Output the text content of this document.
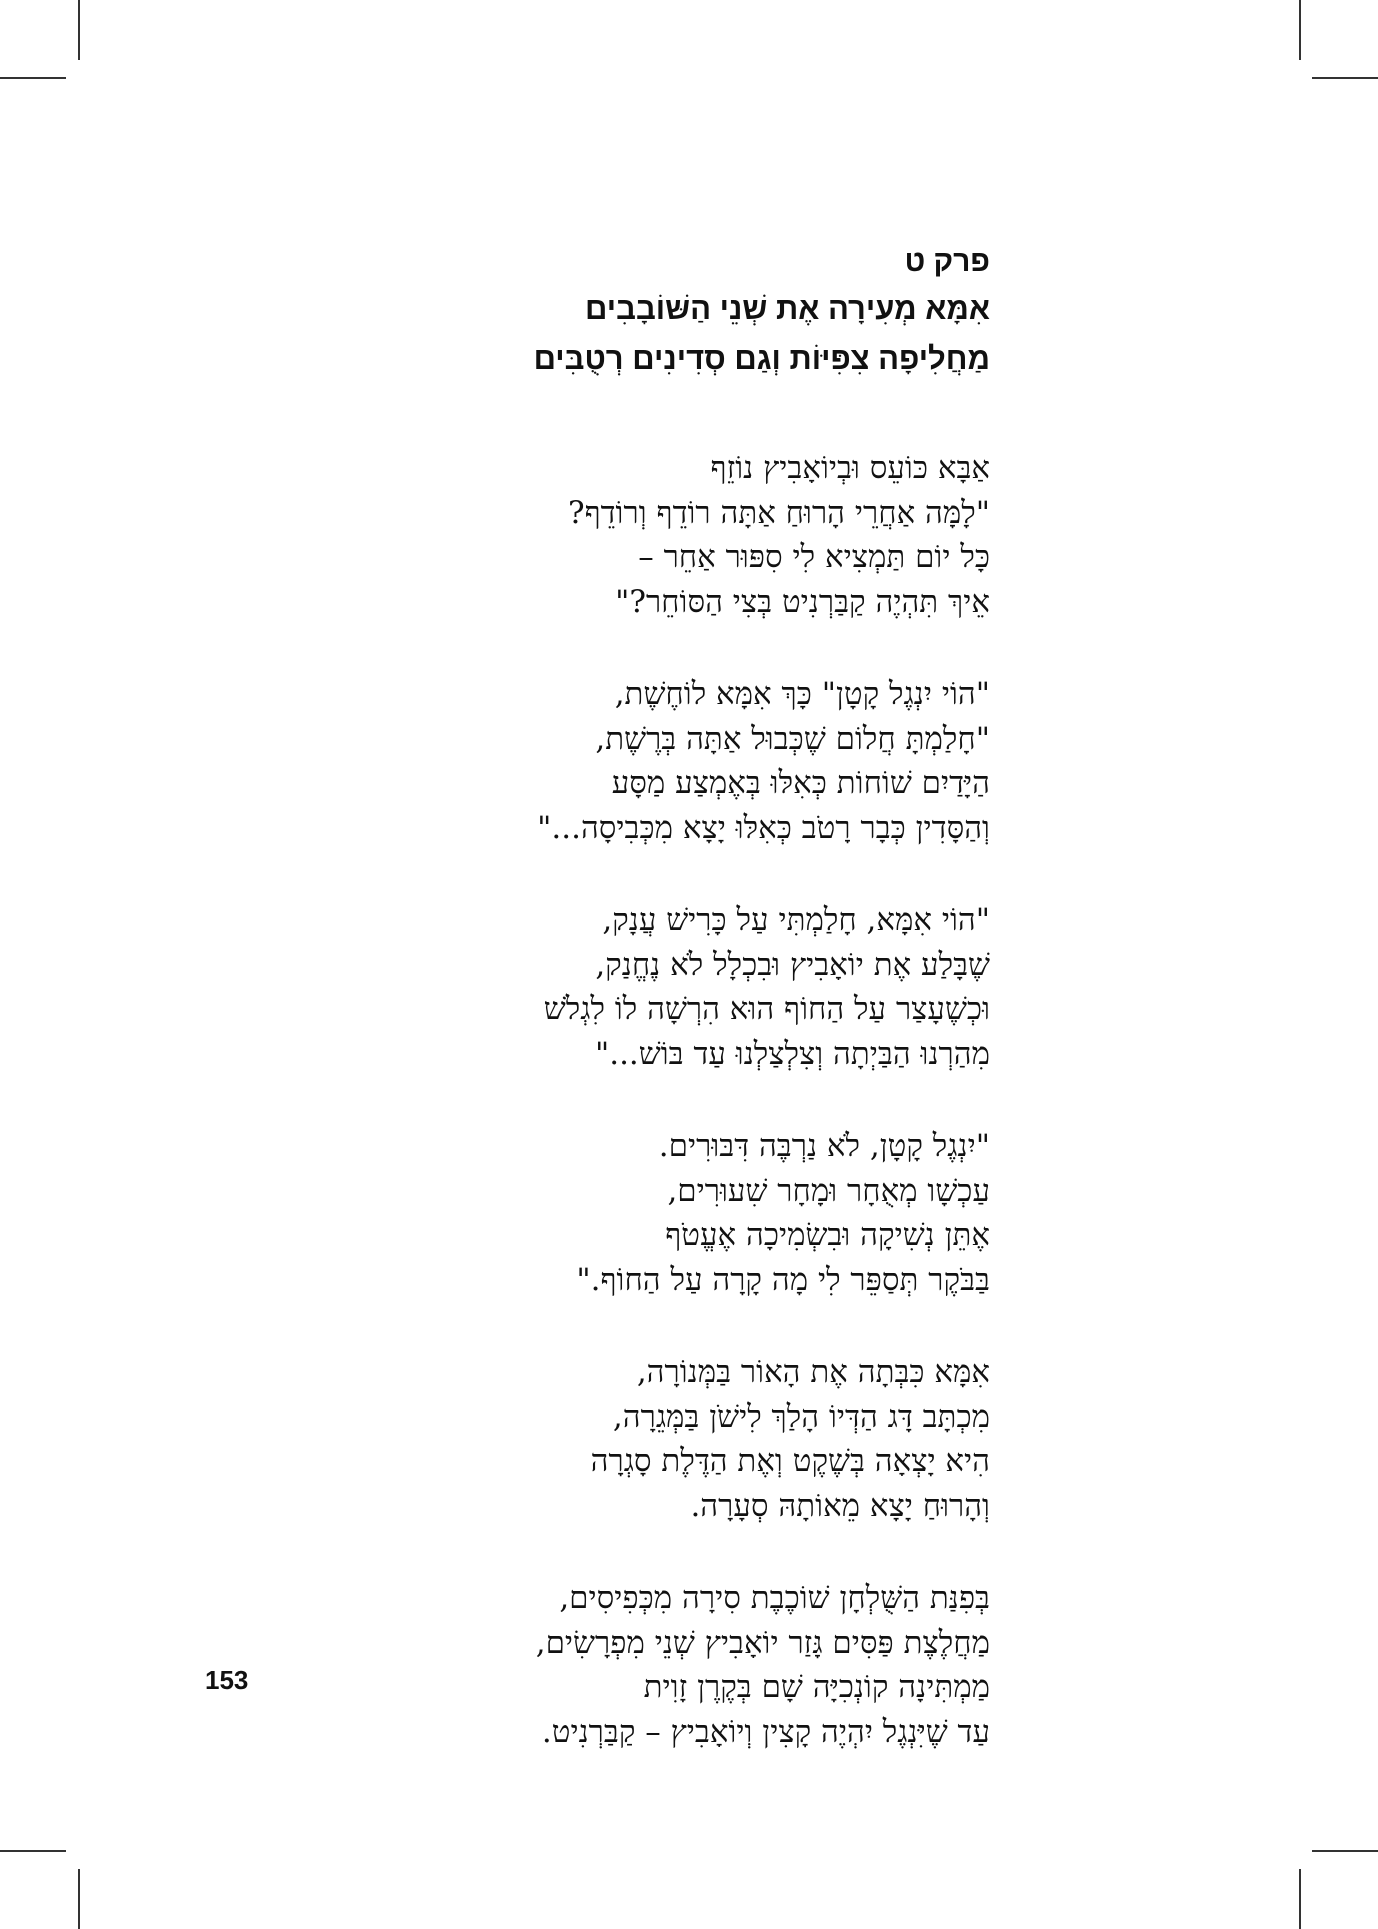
פרק ט
אִמָּא מְעִירָה אֶת שְׁנֵי הַשּׁוֹבָבִים
מַחֲלִיפָה צִפִּיּוֹת וְגַם סְדִינִים רְטֻבִּים
אַבָּא כּוֹעֵס וּבְיוֹאָבִיץ נוֹזֵף
"לָמָּה אַחֲרֵי הָרוּחַ אַתָּה רוֹדֵף וְרוֹדֵף?
כָּל יוֹם תַּמְצִיא לִי סִפּוּר אַחֵר –
אֵיךְ תִּהְיֶה קַבַּרְנִיט בְּצִי הַסּוֹחֵר?"
"הוֹי יִנְגֶל קָטָן" כָּךְ אִמָּא לוֹחֶשֶׁת,
"חָלַמְתָּ חֲלוֹם שֶׁכְּבוּל אַתָּה בְּרֶשֶׁת,
הַיָּדַיִם שׁוֹחוֹת כְּאִלּוּ בְּאֶמְצַע מַסָּע
וְהַסָּדִין כְּבָר רָטֹב כְּאִלּוּ יָצָא מִכְּבִיסָה..."
"הוֹי אִמָּא, חָלַמְתִּי עַל כָּרִישׁ עֲנָק,
שֶׁבָּלַע אֶת יוֹאָבִיץ וּבִכְלָל לֹא נֶחֱנַק,
וּכְשֶׁעָצַר עַל הַחוֹף הוּא הִרְשָׁה לוֹ לִגְלֹשׁ
מִהַרְנוּ הַבַּיְתָה וְצִלְצַלְנוּ עַד בּוֹשׁ..."
"יִנְגֶל קָטָן, לֹא נַרְבֶּה דִּבּוּרִים.
עַכְשָׁו מְאֻחָר וּמָחָר שִׁעוּרִים,
אֶתֵּן נְשִׁיקָה וּבִשְׂמִיכָה אֶעֱטֹף
בַּבֹּקֶר תְּסַפֵּר לִי מָה קָרָה עַל הַחוֹף."
אִמָּא כִּבְּתָה אֶת הָאוֹר בַּמְּנוֹרָה,
מִכְתָּב דָּג הַדְּיוֹ הָלַךְ לִישֹׁן בַּמְּגֵרָה,
הִיא יָצְאָה בְּשֶׁקֶט וְאֶת הַדֶּלֶת סָגְרָה
וְהָרוּחַ יָצָא מֵאוֹתָהּ סְעָרָה.
בְּפִנַּת הַשֻּׁלְחָן שׁוֹכֶבֶת סִירָה מִכְּפִיסִים,
מַחֲלֶצֶת פַּסִּים גָּזַר יוֹאָבִיץ שְׁנֵי מִפְרָשִׂים,
מַמְתִּינָה קוֹנְכִיָּה שָׁם בְּקֶרֶן זָוִית
עַד שֶׁיִּנְגֶל יִהְיֶה קָצִין וְיוֹאָבִיץ – קַבַּרְנִיט.
153
